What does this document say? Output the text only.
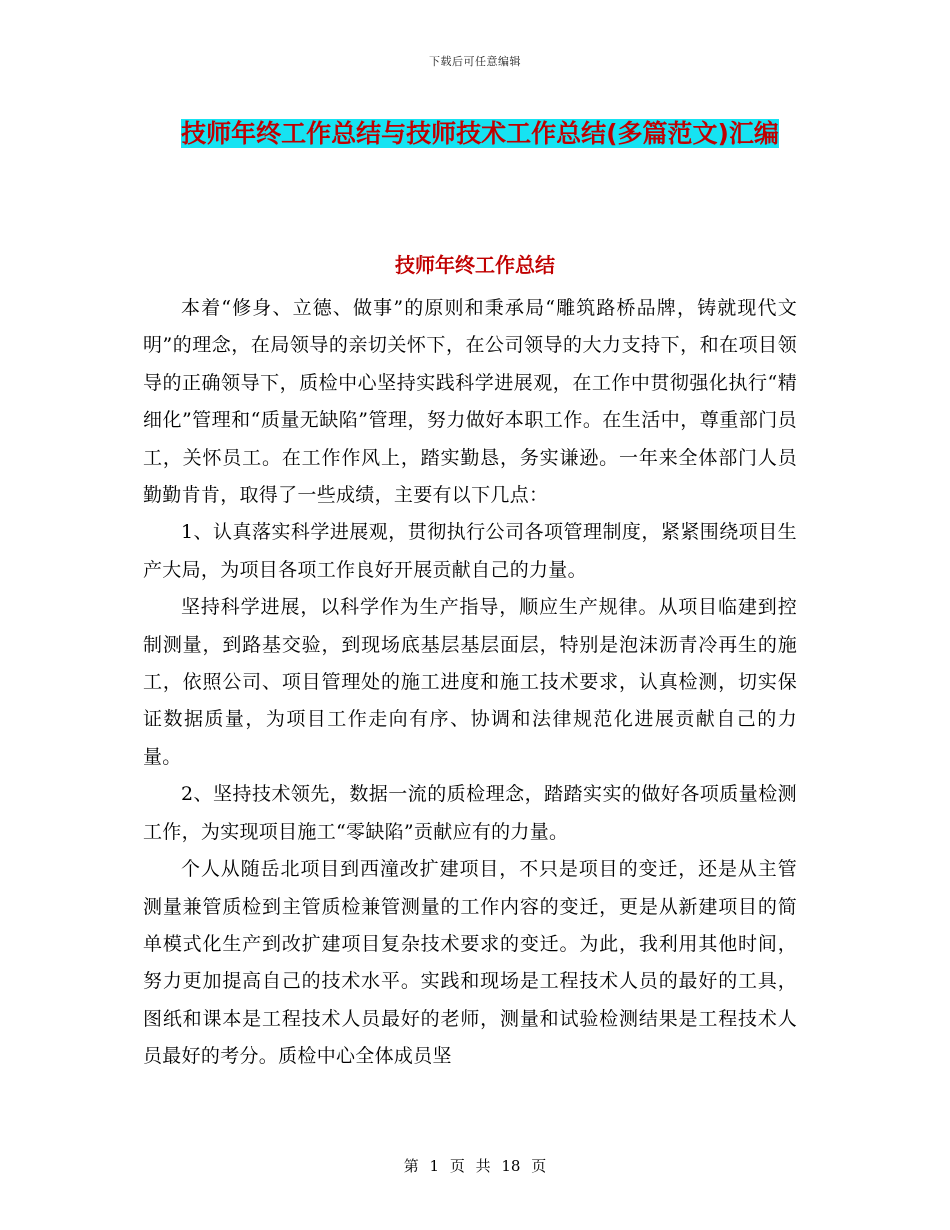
下载后可任意编辑
技师年终工作总结与技师技术工作总结(多篇范文)汇编
技师年终工作总结

本着“修身、立德、做事”的原则和秉承局“雕筑路桥品牌，铸就现代文明”的理念，在局领导的亲切关怀下，在公司领导的大力支持下，和在项目领导的正确领导下，质检中心坚持实践科学进展观，在工作中贯彻强化执行“精细化”管理和“质量无缺陷”管理，努力做好本职工作。在生活中，尊重部门员工，关怀员工。在工作作风上，踏实勤恳，务实谦逊。一年来全体部门人员勤勤肯肯，取得了一些成绩，主要有以下几点：

1、认真落实科学进展观，贯彻执行公司各项管理制度，紧紧围绕项目生产大局，为项目各项工作良好开展贡献自己的力量。

坚持科学进展，以科学作为生产指导，顺应生产规律。从项目临建到控制测量，到路基交验，到现场底基层基层面层，特别是泡沫沥青冷再生的施工，依照公司、项目管理处的施工进度和施工技术要求，认真检测，切实保证数据质量，为项目工作走向有序、协调和法律规范化进展贡献自己的力量。

2、坚持技术领先，数据一流的质检理念，踏踏实实的做好各项质量检测工作，为实现项目施工“零缺陷”贡献应有的力量。

个人从随岳北项目到西潼改扩建项目，不只是项目的变迁，还是从主管测量兼管质检到主管质检兼管测量的工作内容的变迁，更是从新建项目的简单模式化生产到改扩建项目复杂技术要求的变迁。为此，我利用其他时间，努力更加提高自己的技术水平。实践和现场是工程技术人员的最好的工具，图纸和课本是工程技术人员最好的老师，测量和试验检测结果是工程技术人员最好的考分。质检中心全体成员坚

第 1 页 共 18 页
